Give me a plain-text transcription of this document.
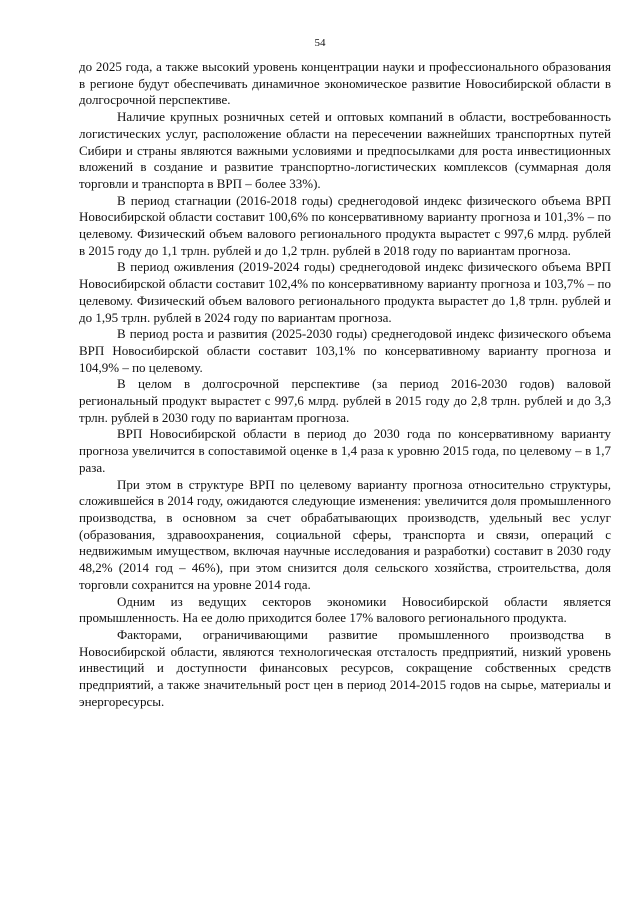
54

до 2025 года, а также высокий уровень концентрации науки и профессионального образования в регионе будут обеспечивать динамичное экономическое развитие Новосибирской области в долгосрочной перспективе.

Наличие крупных розничных сетей и оптовых компаний в области, востребованность логистических услуг, расположение области на пересечении важнейших транспортных путей Сибири и страны являются важными условиями и предпосылками для роста инвестиционных вложений в создание и развитие транспортно-логистических комплексов (суммарная доля торговли и транспорта в ВРП – более 33%).

В период стагнации (2016-2018 годы) среднегодовой индекс физического объема ВРП Новосибирской области составит 100,6% по консервативному варианту прогноза и 101,3% – по целевому. Физический объем валового регионального продукта вырастет с 997,6 млрд. рублей в 2015 году до 1,1 трлн. рублей и до 1,2 трлн. рублей в 2018 году по вариантам прогноза.

В период оживления (2019-2024 годы) среднегодовой индекс физического объема ВРП Новосибирской области составит 102,4% по консервативному варианту прогноза и 103,7% – по целевому. Физический объем валового регионального продукта вырастет до 1,8 трлн. рублей и до 1,95 трлн. рублей в 2024 году по вариантам прогноза.

В период роста и развития (2025-2030 годы) среднегодовой индекс физического объема ВРП Новосибирской области составит 103,1% по консервативному варианту прогноза и 104,9% – по целевому.

В целом в долгосрочной перспективе (за период 2016-2030 годов) валовой региональный продукт вырастет с 997,6 млрд. рублей в 2015 году до 2,8 трлн. рублей и до 3,3 трлн. рублей в 2030 году по вариантам прогноза.

ВРП Новосибирской области в период до 2030 года по консервативному варианту прогноза увеличится в сопоставимой оценке в 1,4 раза к уровню 2015 года, по целевому – в 1,7 раза.

При этом в структуре ВРП по целевому варианту прогноза относительно структуры, сложившейся в 2014 году, ожидаются следующие изменения: увеличится доля промышленного производства, в основном за счет обрабатывающих производств, удельный вес услуг (образования, здравоохранения, социальной сферы, транспорта и связи, операций с недвижимым имуществом, включая научные исследования и разработки) составит в 2030 году 48,2% (2014 год – 46%), при этом снизится доля сельского хозяйства, строительства, доля торговли сохранится на уровне 2014 года.

Одним из ведущих секторов экономики Новосибирской области является промышленность. На ее долю приходится более 17% валового регионального продукта.

Факторами, ограничивающими развитие промышленного производства в Новосибирской области, являются технологическая отсталость предприятий, низкий уровень инвестиций и доступности финансовых ресурсов, сокращение собственных средств предприятий, а также значительный рост цен в период 2014-2015 годов на сырье, материалы и энергоресурсы.
